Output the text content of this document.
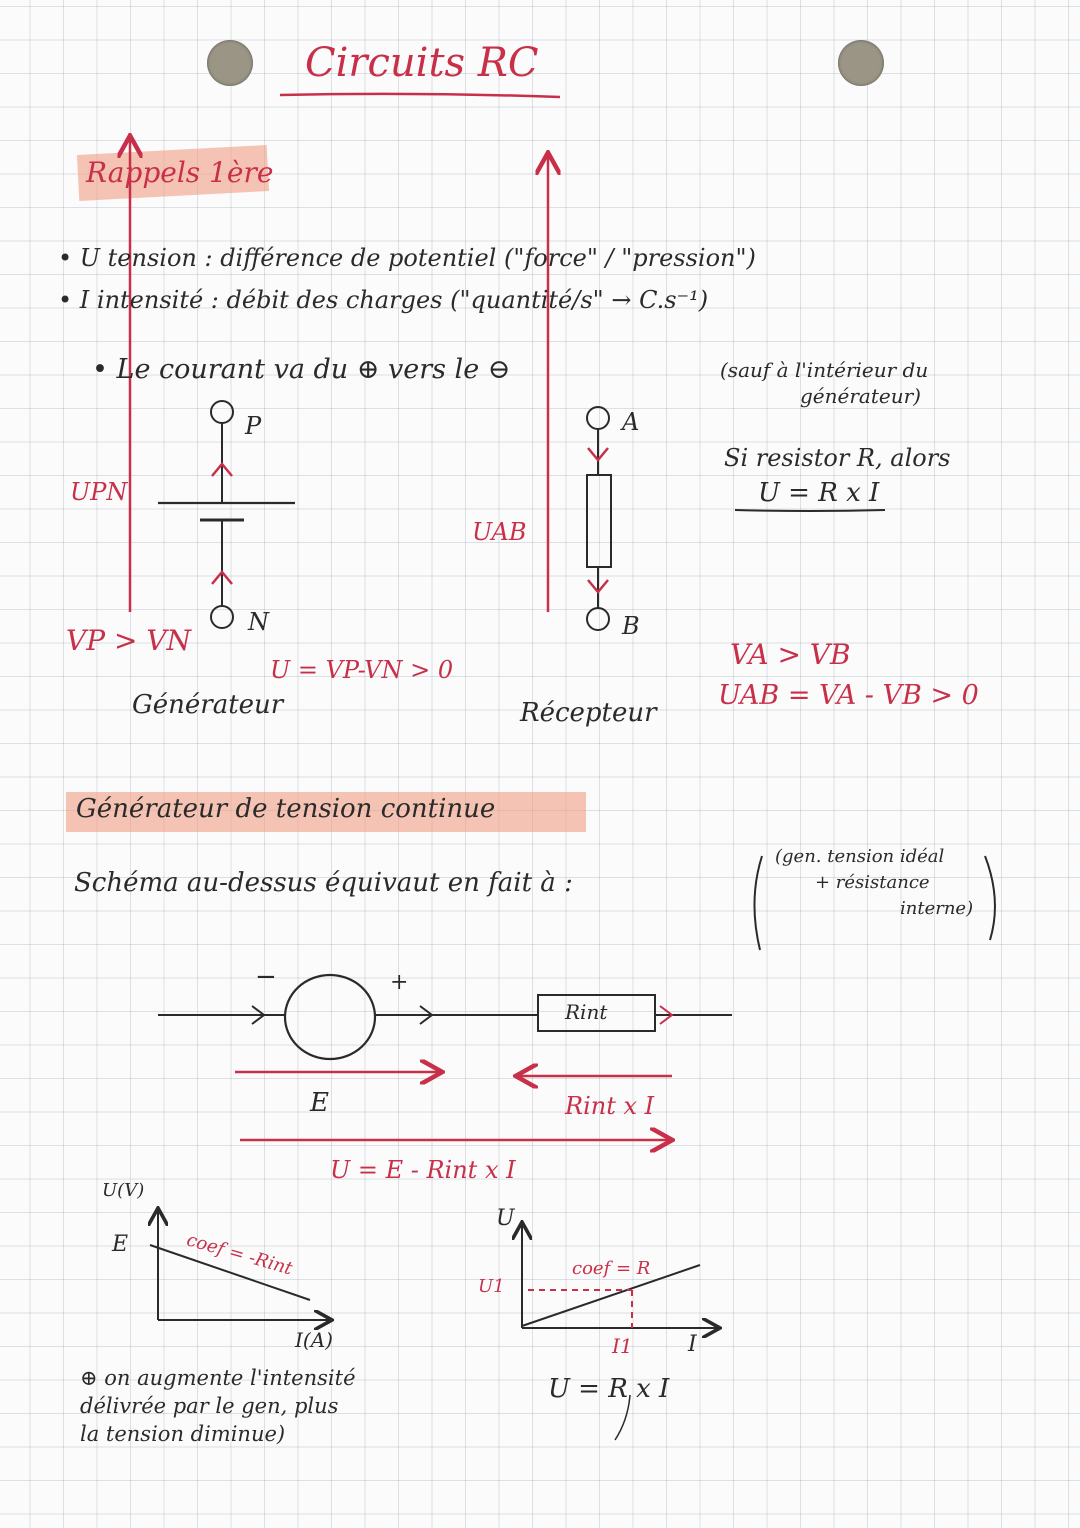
Circuits RC
Rappels 1ère
• U tension : différence de potentiel ("force" / "pression")
• I intensité : débit des charges ("quantité/s" → C.s⁻¹)
• Le courant va du ⊕ vers le ⊖	(sauf à l'intérieur du
générateur)
P
N
UPN
VP > VN
U = VP-VN > 0
Générateur
A
B
UAB
Récepteur
VA > VB
UAB = VA - VB > 0
Si resistor R, alors
U = R x I
Générateur de tension continue
Schéma au-dessus équivaut en fait à :
(gen. tension idéal
+ résistance
interne)
−	+
Rint
E	Rint x I
U = E - Rint x I
U(V)
I(A)
E	coef = -Rint
U
I
U1
I1
coef = R
U = R x I
⊕ on augmente l'intensité
délivrée par le gen, plus
la tension diminue)
